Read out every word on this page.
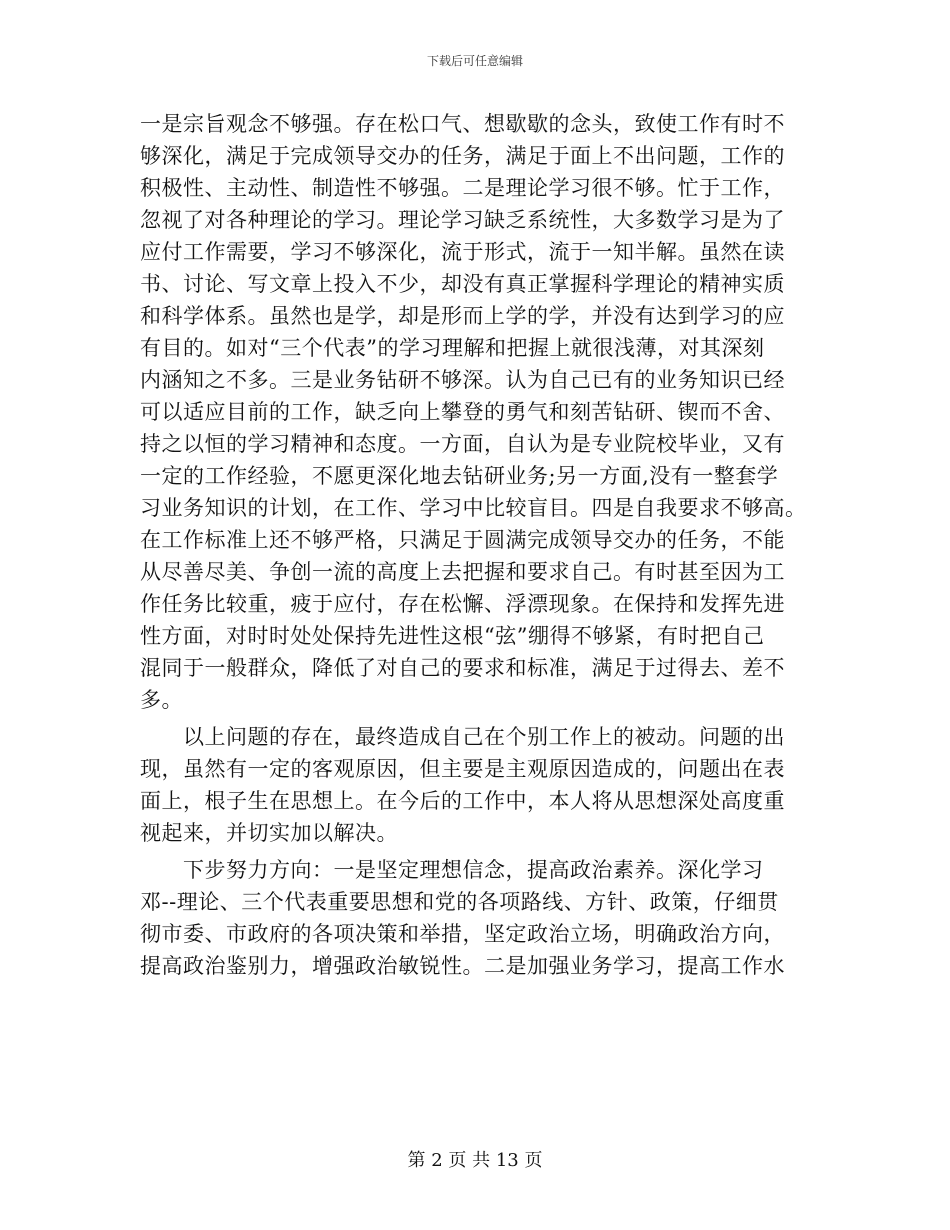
下载后可任意编辑
一是宗旨观念不够强。存在松口气、想歇歇的念头，致使工作有时不
够深化，满足于完成领导交办的任务，满足于面上不出问题，工作的
积极性、主动性、制造性不够强。二是理论学习很不够。忙于工作，
忽视了对各种理论的学习。理论学习缺乏系统性，大多数学习是为了
应付工作需要，学习不够深化，流于形式，流于一知半解。虽然在读
书、讨论、写文章上投入不少，却没有真正掌握科学理论的精神实质
和科学体系。虽然也是学，却是形而上学的学，并没有达到学习的应
有目的。如对“三个代表”的学习理解和把握上就很浅薄，对其深刻
内涵知之不多。三是业务钻研不够深。认为自己已有的业务知识已经
可以适应目前的工作，缺乏向上攀登的勇气和刻苦钻研、锲而不舍、
持之以恒的学习精神和态度。一方面，自认为是专业院校毕业，又有
一定的工作经验，不愿更深化地去钻研业务;另一方面,没有一整套学
习业务知识的计划，在工作、学习中比较盲目。四是自我要求不够高。
在工作标准上还不够严格，只满足于圆满完成领导交办的任务，不能
从尽善尽美、争创一流的高度上去把握和要求自己。有时甚至因为工
作任务比较重，疲于应付，存在松懈、浮漂现象。在保持和发挥先进
性方面，对时时处处保持先进性这根“弦”绷得不够紧，有时把自己
混同于一般群众，降低了对自己的要求和标准，满足于过得去、差不
多。
　　以上问题的存在，最终造成自己在个别工作上的被动。问题的出
现，虽然有一定的客观原因，但主要是主观原因造成的，问题出在表
面上，根子生在思想上。在今后的工作中，本人将从思想深处高度重
视起来，并切实加以解决。
　　下步努力方向：一是坚定理想信念，提高政治素养。深化学习
邓--理论、三个代表重要思想和党的各项路线、方针、政策，仔细贯
彻市委、市政府的各项决策和举措，坚定政治立场，明确政治方向，
提高政治鉴别力，增强政治敏锐性。二是加强业务学习，提高工作水
第 2 页 共 13 页
